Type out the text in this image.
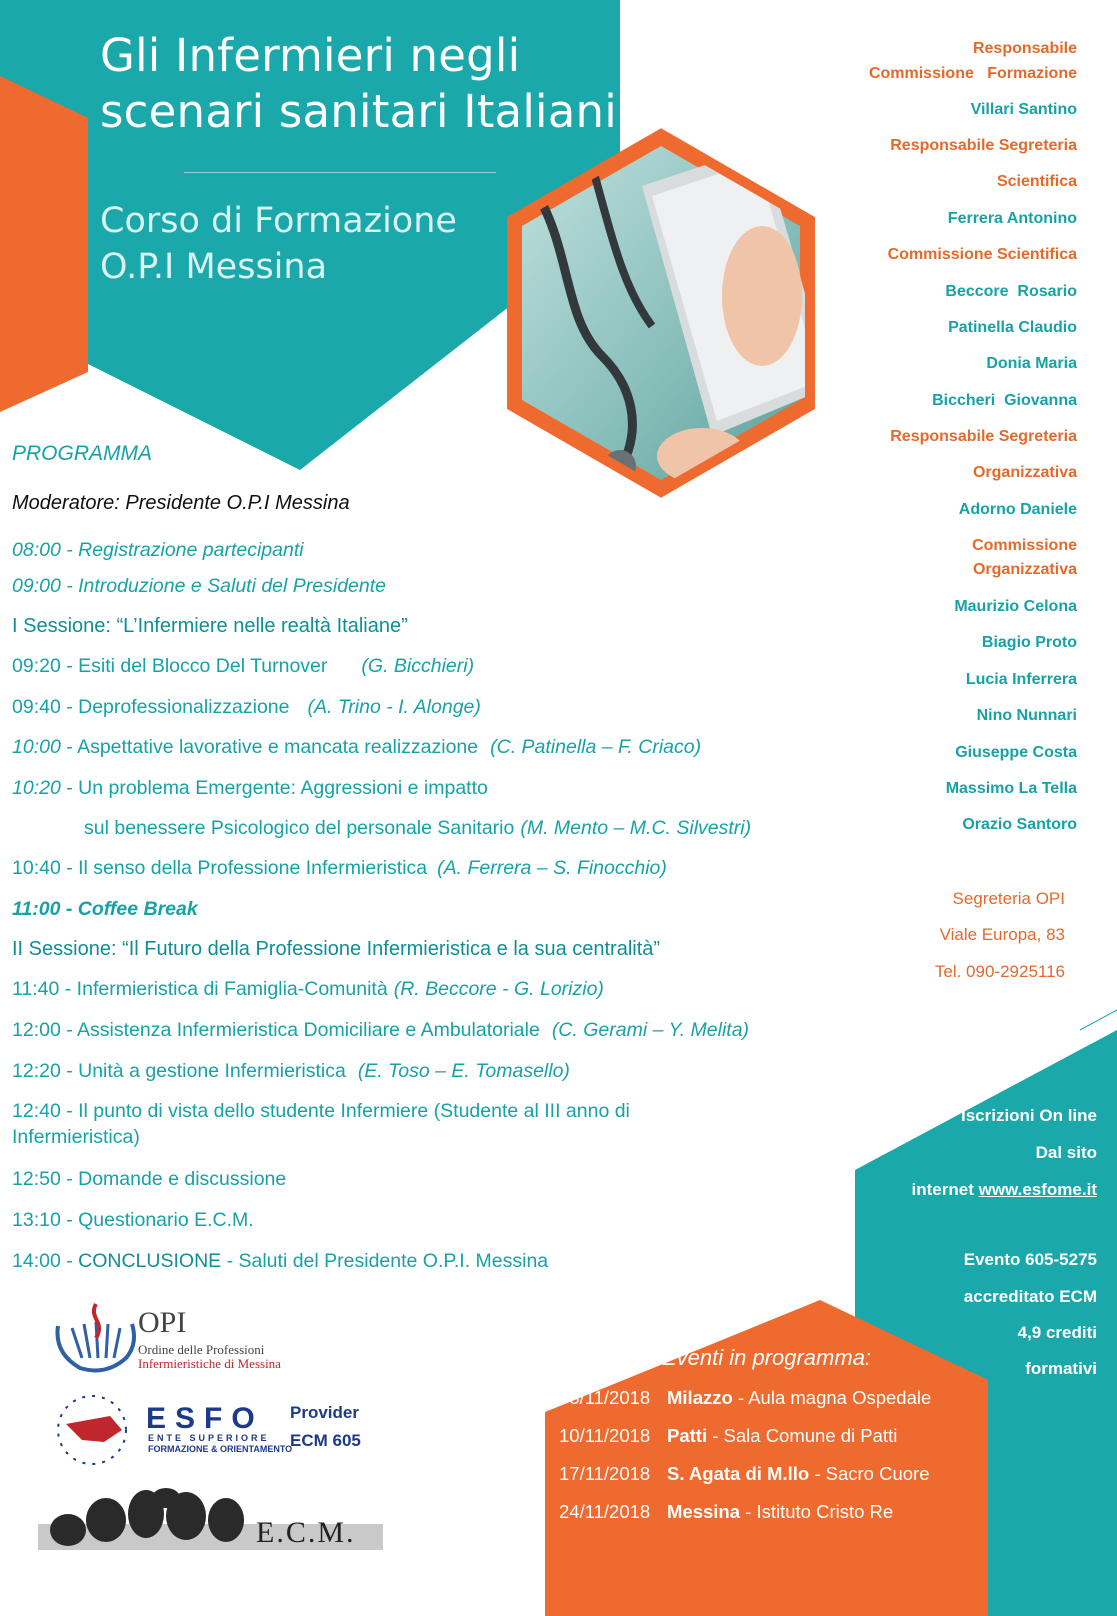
Gli Infermieri negli
scenari sanitari Italiani
Corso di Formazione
O.P.I Messina
Responsabile
Commissione   Formazione
Villari Santino
Responsabile Segreteria
Scientifica
Ferrera Antonino
Commissione Scientifica
Beccore  Rosario
Patinella Claudio
Donia Maria
Biccheri  Giovanna
Responsabile Segreteria
Organizzativa
Adorno Daniele
Commissione
Organizzativa
Maurizio Celona
Biagio Proto
Lucia Inferrera
Nino Nunnari
Giuseppe Costa
Massimo La Tella
Orazio Santoro
Segreteria OPI
Viale Europa, 83
Tel. 090-2925116
PROGRAMMA
Moderatore: Presidente O.P.I Messina
08:00 - Registrazione partecipanti
09:00 - Introduzione e Saluti del Presidente
I Sessione: “L’Infermiere nelle realtà Italiane”
09:20 - Esiti del Blocco Del Turnover (G. Bicchieri)
09:40 - Deprofessionalizzazione (A. Trino - I. Alonge)
10:00 - Aspettative lavorative e mancata realizzazione (C. Patinella – F. Criaco)
10:20 - Un problema Emergente: Aggressioni e impatto
sul benessere Psicologico del personale Sanitario (M. Mento – M.C. Silvestri)
10:40 - Il senso della Professione Infermieristica (A. Ferrera – S. Finocchio)
11:00 - Coffee Break
II Sessione: “Il Futuro della Professione Infermieristica e la sua centralità”
11:40 - Infermieristica di Famiglia-Comunità (R. Beccore - G. Lorizio)
12:00 - Assistenza Infermieristica Domiciliare e Ambulatoriale (C. Gerami – Y. Melita)
12:20 - Unità a gestione Infermieristica (E. Toso – E. Tomasello)
12:40 - Il punto di vista dello studente Infermiere (Studente al III anno di
Infermieristica)
12:50 - Domande e discussione
13:10 - Questionario E.C.M.
14:00 - CONCLUSIONE - Saluti del Presidente O.P.I. Messina
Iscrizioni On line
Dal sito
internet www.esfome.it
Evento 605-5275
accreditato ECM
4,9 crediti
formativi
Eventi in programma:
03/11/2018 Milazzo - Aula magna Ospedale
10/11/2018 Patti - Sala Comune di Patti
17/11/2018 S. Agata di M.llo - Sacro Cuore
24/11/2018 Messina - Istituto Cristo Re
OPI
Ordine delle Professioni
Infermieristiche di Messina
ESFO
ENTE SUPERIORE
FORMAZIONE & ORIENTAMENTO
Provider
ECM 605
E.C.M.
